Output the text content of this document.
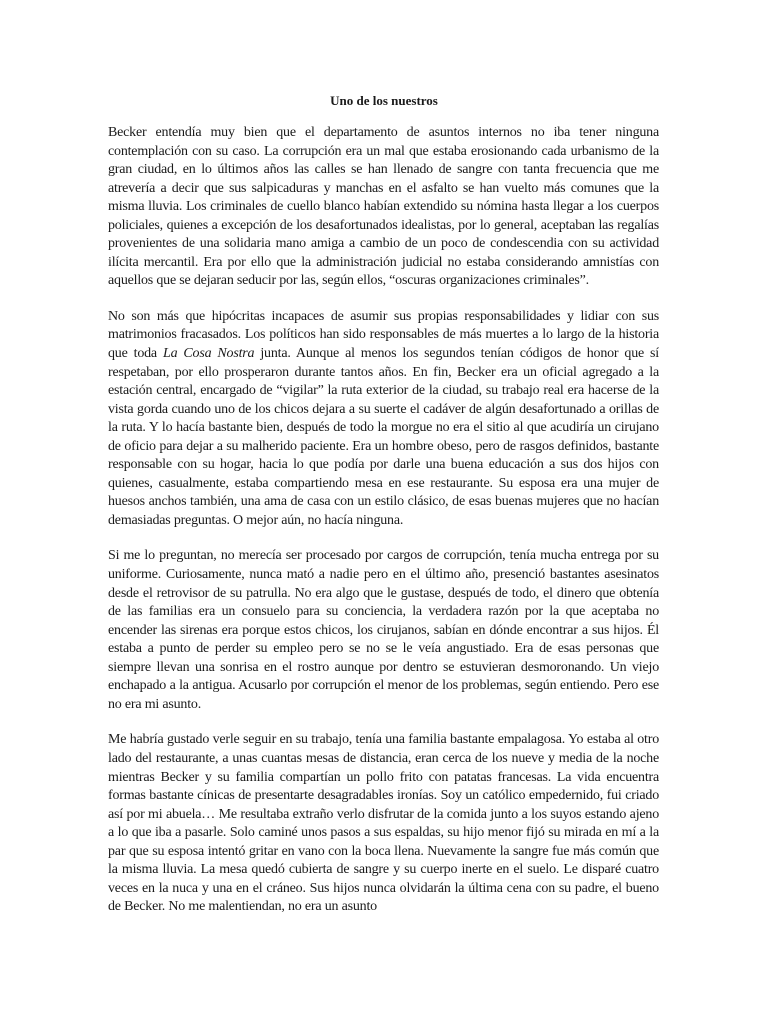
Uno de los nuestros

Becker entendía muy bien que el departamento de asuntos internos no iba tener ninguna contemplación con su caso. La corrupción era un mal que estaba erosionando cada urbanismo de la gran ciudad, en lo últimos años las calles se han llenado de sangre con tanta frecuencia que me atrevería a decir que sus salpicaduras y manchas en el asfalto se han vuelto más comunes que la misma lluvia. Los criminales de cuello blanco habían extendido su nómina hasta llegar a los cuerpos policiales, quienes a excepción de los desafortunados idealistas, por lo general, aceptaban las regalías provenientes de una solidaria mano amiga a cambio de un poco de condescendia con su actividad ilícita mercantil. Era por ello que la administración judicial no estaba considerando amnistías con aquellos que se dejaran seducir por las, según ellos, “oscuras organizaciones criminales”.

No son más que hipócritas incapaces de asumir sus propias responsabilidades y lidiar con sus matrimonios fracasados. Los políticos han sido responsables de más muertes a lo largo de la historia que toda La Cosa Nostra junta. Aunque al menos los segundos tenían códigos de honor que sí respetaban, por ello prosperaron durante tantos años. En fin, Becker era un oficial agregado a la estación central, encargado de “vigilar” la ruta exterior de la ciudad, su trabajo real era hacerse de la vista gorda cuando uno de los chicos dejara a su suerte el cadáver de algún desafortunado a orillas de la ruta. Y lo hacía bastante bien, después de todo la morgue no era el sitio al que acudiría un cirujano de oficio para dejar a su malherido paciente. Era un hombre obeso, pero de rasgos definidos, bastante responsable con su hogar, hacia lo que podía por darle una buena educación a sus dos hijos con quienes, casualmente, estaba compartiendo mesa en ese restaurante. Su esposa era una mujer de huesos anchos también, una ama de casa con un estilo clásico, de esas buenas mujeres que no hacían demasiadas preguntas. O mejor aún, no hacía ninguna.

Si me lo preguntan, no merecía ser procesado por cargos de corrupción, tenía mucha entrega por su uniforme. Curiosamente, nunca mató a nadie pero en el último año, presenció bastantes asesinatos desde el retrovisor de su patrulla. No era algo que le gustase, después de todo, el dinero que obtenía de las familias era un consuelo para su conciencia, la verdadera razón por la que aceptaba no encender las sirenas era porque estos chicos, los cirujanos, sabían en dónde encontrar a sus hijos. Él estaba a punto de perder su empleo pero se no se le veía angustiado. Era de esas personas que siempre llevan una sonrisa en el rostro aunque por dentro se estuvieran desmoronando. Un viejo enchapado a la antigua. Acusarlo por corrupción el menor de los problemas, según entiendo. Pero ese no era mi asunto.

Me habría gustado verle seguir en su trabajo, tenía una familia bastante empalagosa. Yo estaba al otro lado del restaurante, a unas cuantas mesas de distancia, eran cerca de los nueve y media de la noche mientras Becker y su familia compartían un pollo frito con patatas francesas. La vida encuentra formas bastante cínicas de presentarte desagradables ironías. Soy un católico empedernido, fui criado así por mi abuela… Me resultaba extraño verlo disfrutar de la comida junto a los suyos estando ajeno a lo que iba a pasarle. Solo caminé unos pasos a sus espaldas, su hijo menor fijó su mirada en mí a la par que su esposa intentó gritar en vano con la boca llena. Nuevamente la sangre fue más común que la misma lluvia. La mesa quedó cubierta de sangre y su cuerpo inerte en el suelo. Le disparé cuatro veces en la nuca y una en el cráneo. Sus hijos nunca olvidarán la última cena con su padre, el bueno de Becker. No me malentiendan, no era un asunto
